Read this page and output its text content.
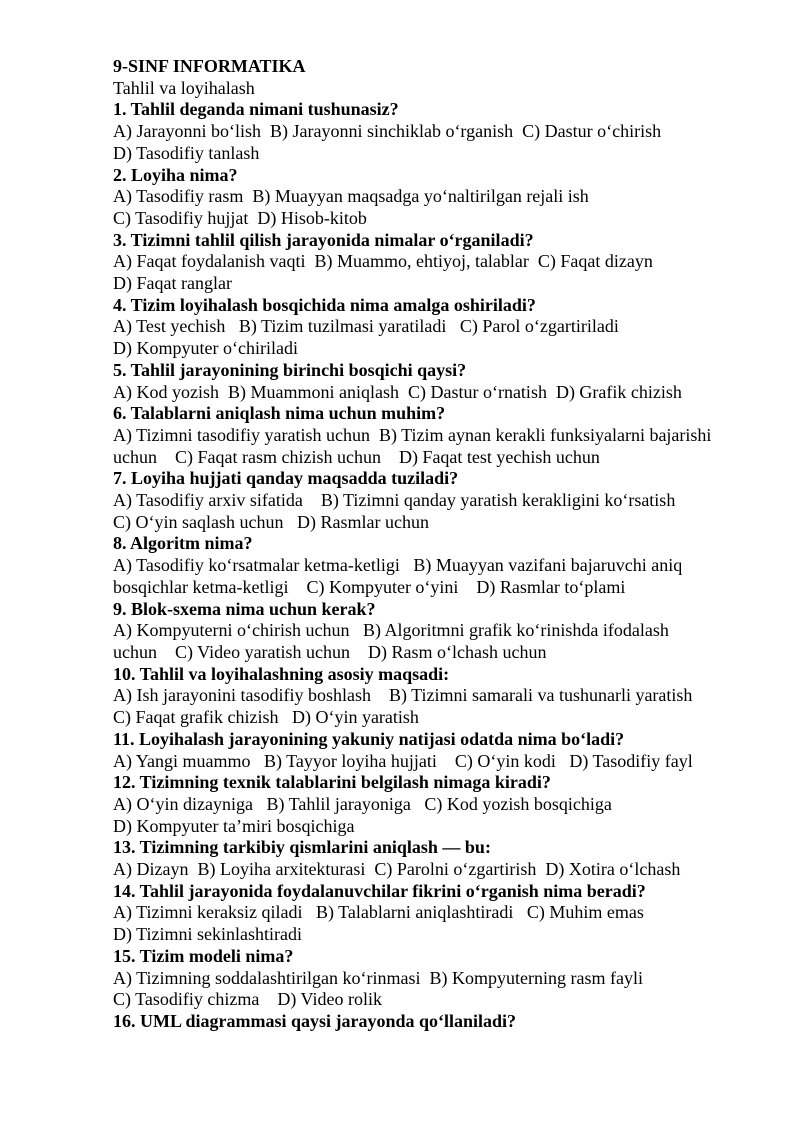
9-SINF INFORMATIKA
Tahlil va loyihalash
1. Tahlil deganda nimani tushunasiz?
A) Jarayonni boʻlish  B) Jarayonni sinchiklab oʻrganish  C) Dastur oʻchirish
D) Tasodifiy tanlash
2. Loyiha nima?
A) Tasodifiy rasm  B) Muayyan maqsadga yoʻnaltirilgan rejali ish
C) Tasodifiy hujjat  D) Hisob-kitob
3. Tizimni tahlil qilish jarayonida nimalar oʻrganiladi?
A) Faqat foydalanish vaqti  B) Muammo, ehtiyoj, talablar  C) Faqat dizayn
D) Faqat ranglar
4. Tizim loyihalash bosqichida nima amalga oshiriladi?
A) Test yechish   B) Tizim tuzilmasi yaratiladi   C) Parol oʻzgartiriladi
D) Kompyuter oʻchiriladi
5. Tahlil jarayonining birinchi bosqichi qaysi?
A) Kod yozish  B) Muammoni aniqlash  C) Dastur oʻrnatish  D) Grafik chizish
6. Talablarni aniqlash nima uchun muhim?
A) Tizimni tasodifiy yaratish uchun  B) Tizim aynan kerakli funksiyalarni bajarishi
uchun    C) Faqat rasm chizish uchun    D) Faqat test yechish uchun
7. Loyiha hujjati qanday maqsadda tuziladi?
A) Tasodifiy arxiv sifatida    B) Tizimni qanday yaratish kerakligini koʻrsatish
C) Oʻyin saqlash uchun   D) Rasmlar uchun
8. Algoritm nima?
A) Tasodifiy koʻrsatmalar ketma-ketligi   B) Muayyan vazifani bajaruvchi aniq
bosqichlar ketma-ketligi    C) Kompyuter oʻyini    D) Rasmlar toʻplami
9. Blok-sxema nima uchun kerak?
A) Kompyuterni oʻchirish uchun   B) Algoritmni grafik koʻrinishda ifodalash
uchun    C) Video yaratish uchun    D) Rasm oʻlchash uchun
10. Tahlil va loyihalashning asosiy maqsadi:
A) Ish jarayonini tasodifiy boshlash    B) Tizimni samarali va tushunarli yaratish
C) Faqat grafik chizish   D) Oʻyin yaratish
11. Loyihalash jarayonining yakuniy natijasi odatda nima boʻladi?
A) Yangi muammo   B) Tayyor loyiha hujjati    C) Oʻyin kodi   D) Tasodifiy fayl
12. Tizimning texnik talablarini belgilash nimaga kiradi?
A) Oʻyin dizayniga   B) Tahlil jarayoniga   C) Kod yozish bosqichiga
D) Kompyuter ta’miri bosqichiga
13. Tizimning tarkibiy qismlarini aniqlash — bu:
A) Dizayn  B) Loyiha arxitekturasi  C) Parolni oʻzgartirish  D) Xotira oʻlchash
14. Tahlil jarayonida foydalanuvchilar fikrini oʻrganish nima beradi?
A) Tizimni keraksiz qiladi   B) Talablarni aniqlashtiradi   C) Muhim emas
D) Tizimni sekinlashtiradi
15. Tizim modeli nima?
A) Tizimning soddalashtirilgan koʻrinmasi  B) Kompyuterning rasm fayli
C) Tasodifiy chizma    D) Video rolik
16. UML diagrammasi qaysi jarayonda qoʻllaniladi?
